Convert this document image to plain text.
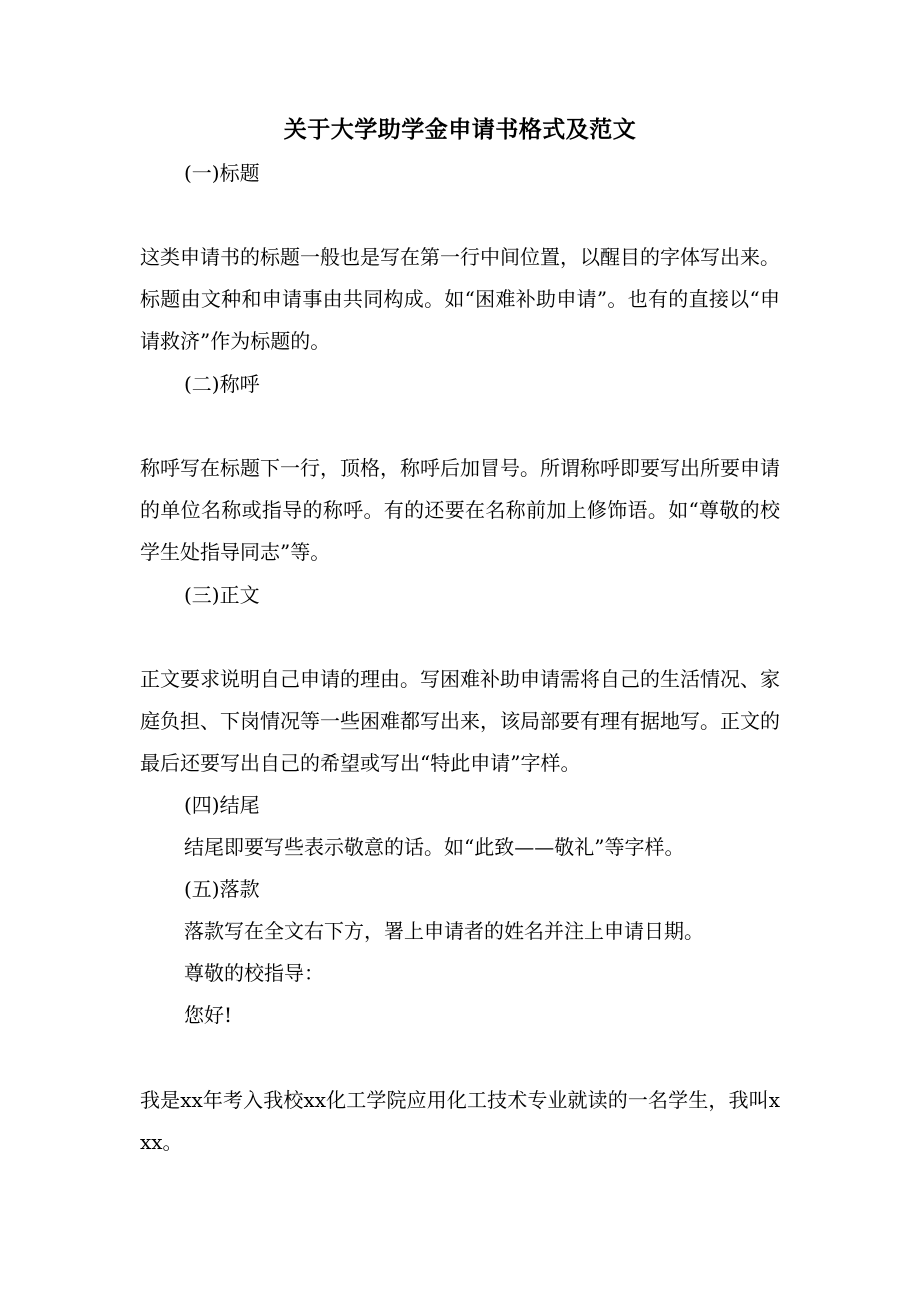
关于大学助学金申请书格式及范文
(一)标题
这类申请书的标题一般也是写在第一行中间位置，以醒目的字体写出来。标题由文种和申请事由共同构成。如“困难补助申请”。也有的直接以“申请救济”作为标题的。
(二)称呼
称呼写在标题下一行，顶格，称呼后加冒号。所谓称呼即要写出所要申请的单位名称或指导的称呼。有的还要在名称前加上修饰语。如“尊敬的校学生处指导同志”等。
(三)正文
正文要求说明自己申请的理由。写困难补助申请需将自己的生活情况、家庭负担、下岗情况等一些困难都写出来，该局部要有理有据地写。正文的最后还要写出自己的希望或写出“特此申请”字样。
(四)结尾
结尾即要写些表示敬意的话。如“此致——敬礼”等字样。
(五)落款
落款写在全文右下方，署上申请者的姓名并注上申请日期。
尊敬的校指导：
您好!
我是xx年考入我校xx化工学院应用化工技术专业就读的一名学生，我叫xxx。
